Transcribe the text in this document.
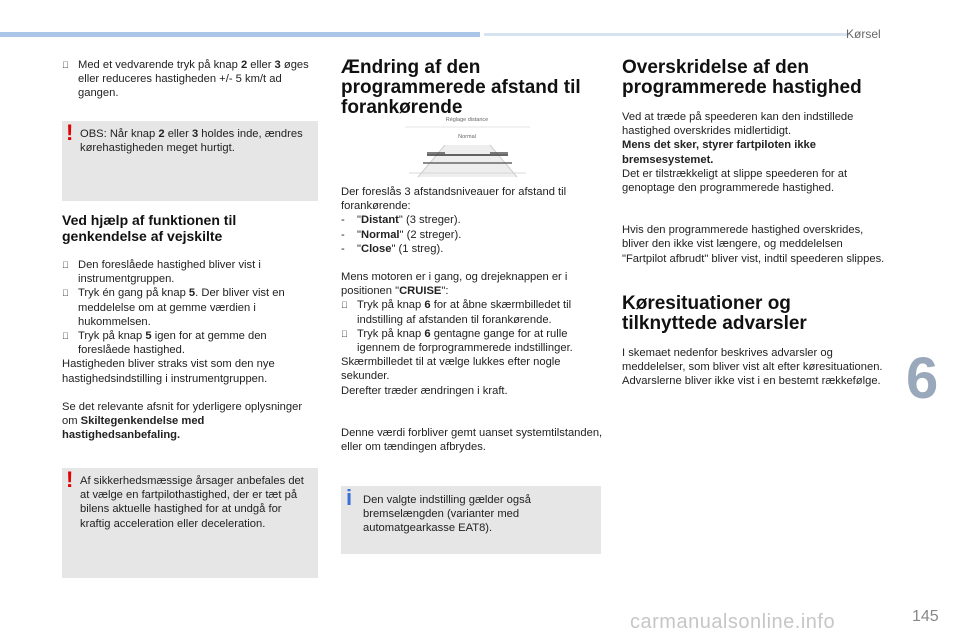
Kørsel
6
145
carmanualsonline.info

Med et vedvarende tryk på knap 2 eller 3 øges eller reduceres hastigheden +/- 5 km/t ad gangen.

! OBS: Når knap 2 eller 3 holdes inde, ændres kørehastigheden meget hurtigt.

Ved hjælp af funktionen til genkendelse af vejskilte

Den foreslåede hastighed bliver vist i instrumentgruppen.

Tryk én gang på knap 5. Der bliver vist en meddelelse om at gemme værdien i hukommelsen.

Tryk på knap 5 igen for at gemme den foreslåede hastighed.

Hastigheden bliver straks vist som den nye hastighedsindstilling i instrumentgruppen.

Se det relevante afsnit for yderligere oplysninger om Skiltegenkendelse med hastighedsanbefaling.

! Af sikkerhedsmæssige årsager anbefales det at vælge en fartpilothastighed, der er tæt på bilens aktuelle hastighed for at undgå for kraftig acceleration eller deceleration.

Ændring af den programmerede afstand til forankørende

Réglage distance
Normal

Der foreslås 3 afstandsniveauer for afstand til forankørende:

-	"Distant" (3 streger).

-	"Normal" (2 streger).

-	"Close" (1 streg).

Mens motoren er i gang, og drejeknappen er i positionen "CRUISE":

Tryk på knap 6 for at åbne skærmbilledet til indstilling af afstanden til forankørende.

Tryk på knap 6 gentagne gange for at rulle igennem de forprogrammerede indstillinger.

Skærmbilledet til at vælge lukkes efter nogle sekunder.

Derefter træder ændringen i kraft.

Denne værdi forbliver gemt uanset systemtilstanden, eller om tændingen afbrydes.

i Den valgte indstilling gælder også bremselængden (varianter med automatgearkasse EAT8).

Overskridelse af den programmerede hastighed

Ved at træde på speederen kan den indstillede hastighed overskrides midlertidigt.

Mens det sker, styrer fartpiloten ikke bremsesystemet.

Det er tilstrækkeligt at slippe speederen for at genoptage den programmerede hastighed.

Hvis den programmerede hastighed overskrides, bliver den ikke vist længere, og meddelelsen "Fartpilot afbrudt" bliver vist, indtil speederen slippes.

Køresituationer og tilknyttede advarsler

I skemaet nedenfor beskrives advarsler og meddelelser, som bliver vist alt efter køresituationen.

Advarslerne bliver ikke vist i en bestemt rækkefølge.
